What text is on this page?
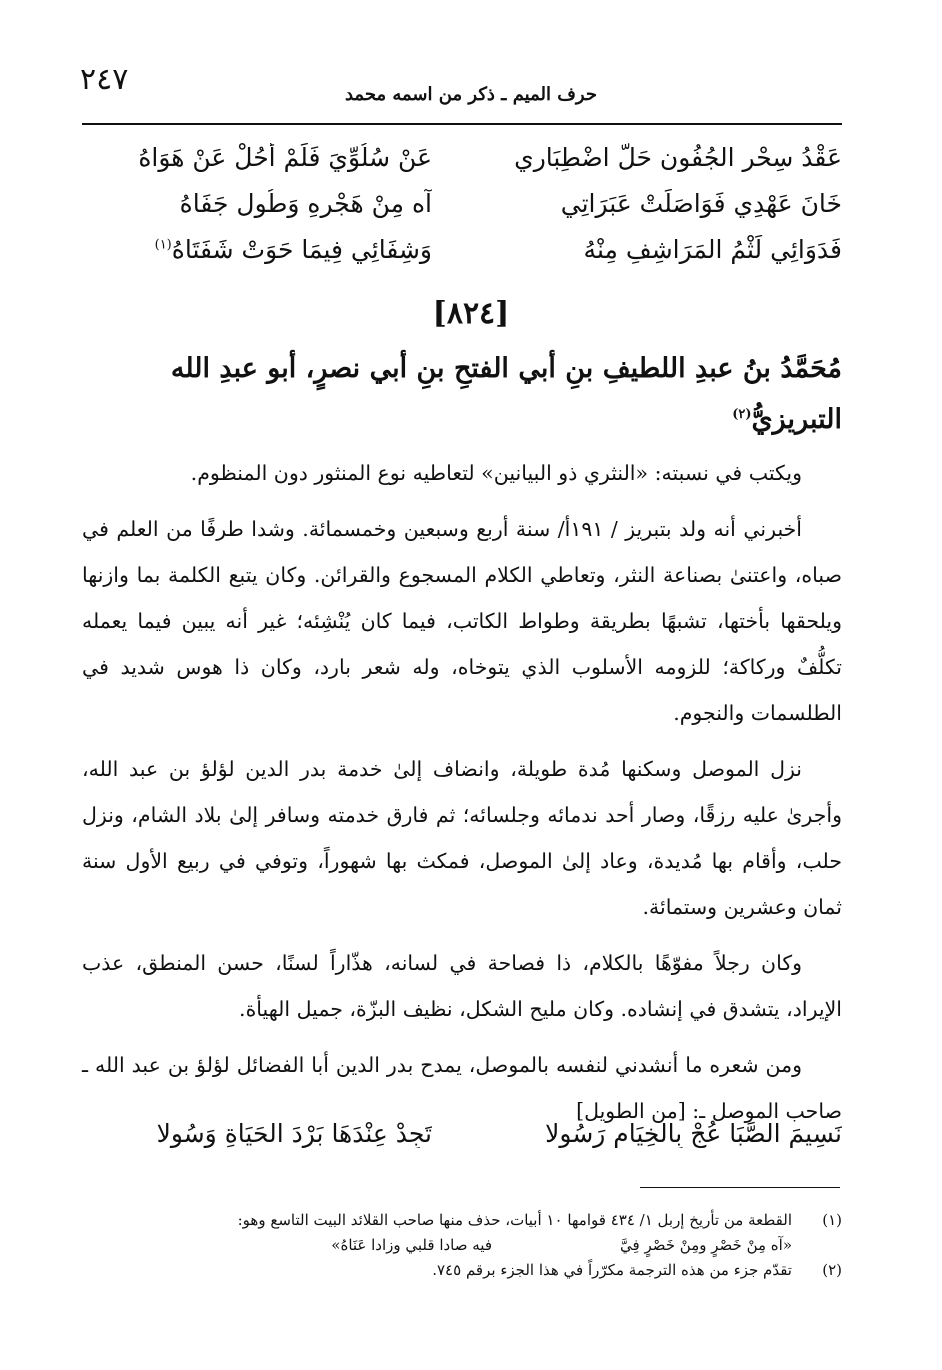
٢٤٧	حرف الميم ـ ذكر من اسمه محمد
عَقْدُ سِحْرِ الجُفُونِ حَلَّ اضْطِبَارِي
عَنْ سُلُوِّيَ فَلَمْ أَحُلْ عَنْ هَوَاهُ
خَانَ عَهْدِي فَوَاصَلَتْ عَبَرَاتِي
آه مِنْ هَجْرِهِ وَطُولِ جَفَاهُ
فَدَوَائِي لَثْمُ المَرَاشِفِ مِنْهُ
وَشِفَائِي فِيمَا حَوَتْ شَفَتَاهُ$^{(١)}$
[٨٢٤]
مُحَمَّدُ بنُ عبدِ اللطيفِ بنِ أبي الفتحِ بنِ أبي نصرٍ، أبو عبدِ الله
التبريزيُّ$^{(٢)}$

ويكتب في نسبته: «النثري ذو البيانين» لتعاطيه نوع المنثور دون المنظوم.

أخبرني أنه ولد بتبريز / ١٩١أ/ سنة أربع وسبعين وخمسمائة. وشدا طرفًا من العلم في صباه، واعتنىٰ بصناعة النثر، وتعاطي الكلام المسجوع والقرائن. وكان يتبع الكلمة بما وازنها ويلحقها بأختها، تشبهًا بطريقة وطواط الكاتب، فيما كان يُنْشِئه؛ غير أنه يبين فيما يعمله تكلُّفٌ وركاكة؛ للزومه الأسلوب الذي يتوخاه، وله شعر بارد، وكان ذا هوس شديد في الطلسمات والنجوم.

نزل الموصل وسكنها مُدة طويلة، وانضاف إلىٰ خدمة بدر الدين لؤلؤ بن عبد الله، وأجرىٰ عليه رزقًا، وصار أحد ندمائه وجلسائه؛ ثم فارق خدمته وسافر إلىٰ بلاد الشام، ونزل حلب، وأقام بها مُديدة، وعاد إلىٰ الموصل، فمكث بها شهوراً، وتوفي في ربيع الأول سنة ثمان وعشرين وستمائة.

وكان رجلاً مفوّهًا بالكلام، ذا فصاحة في لسانه، هذّاراً لسنًا، حسن المنطق، عذب الإيراد، يتشدق في إنشاده. وكان مليح الشكل، نظيف البزّة، جميل الهيأة.

ومن شعره ما أنشدني لنفسه بالموصل، يمدح بدر الدين أبا الفضائل لؤلؤ بن عبد الله ـ صاحب الموصل ـ: [من الطويل]

نَسِيمَ الصَّبَا عُجْ بِالخِيَامِ رَسُولا
تَجِدْ عِنْدَهَا بَرْدَ الحَيَاةِ وَسُولا
(١)
القطعة من تأريخ إربل ١/ ٤٣٤ قوامها ١٠ أبيات، حذف منها صاحب القلائد البيت التاسع وهو:
«آه مِنْ خَصْرٍ ومِنْ خَصْرٍ فِيَّ
فيه صادا قلبي وزادا عَنَاهُ»
(٢)
تقدّم جزء من هذه الترجمة مكرّراً في هذا الجزء برقم ٧٤٥.
